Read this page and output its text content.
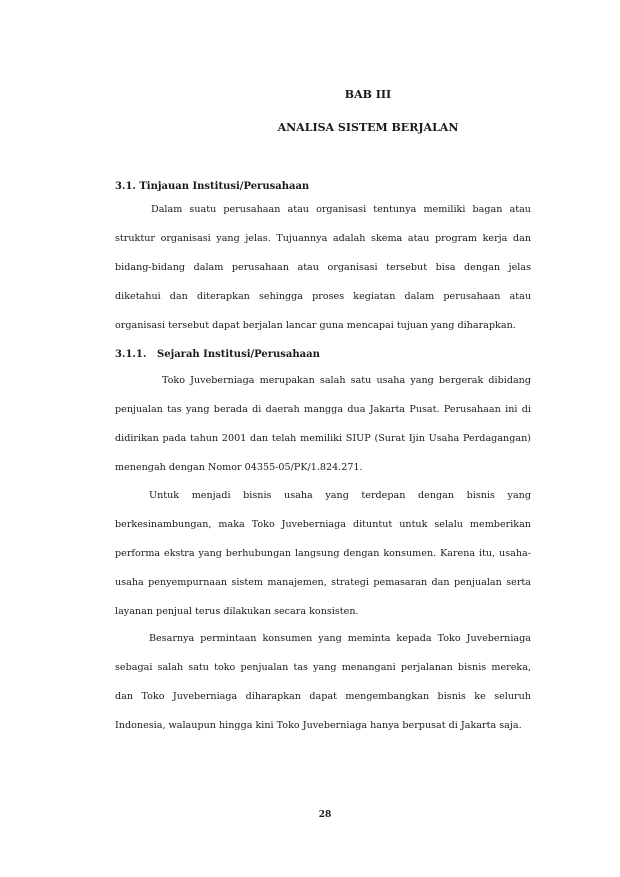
BAB III
ANALISA SISTEM BERJALAN
3.1. Tinjauan Institusi/Perusahaan

Dalam suatu perusahaan atau organisasi tentunya memiliki bagan atau struktur organisasi yang jelas. Tujuannya adalah skema atau program kerja dan bidang-bidang dalam perusahaan atau organisasi tersebut bisa dengan jelas diketahui dan diterapkan sehingga proses kegiatan dalam perusahaan atau organisasi tersebut dapat berjalan lancar guna mencapai tujuan yang diharapkan.

3.1.1. Sejarah Institusi/Perusahaan

Toko Juveberniaga merupakan salah satu usaha yang bergerak dibidang penjualan tas yang berada di daerah mangga dua Jakarta Pusat. Perusahaan ini di didirikan pada tahun 2001 dan telah memiliki SIUP (Surat Ijin Usaha Perdagangan) menengah dengan Nomor 04355-05/PK/1.824.271.

Untuk menjadi bisnis usaha yang terdepan dengan bisnis yang berkesinambungan, maka Toko Juveberniaga dituntut untuk selalu memberikan performa ekstra yang berhubungan langsung dengan konsumen. Karena itu, usaha-usaha penyempurnaan sistem manajemen, strategi pemasaran dan penjualan serta layanan penjual terus dilakukan secara konsisten.

Besarnya permintaan konsumen yang meminta kepada Toko Juveberniaga sebagai salah satu toko penjualan tas yang menangani perjalanan bisnis mereka, dan Toko Juveberniaga diharapkan dapat mengembangkan bisnis ke seluruh Indonesia, walaupun hingga kini Toko Juveberniaga hanya berpusat di Jakarta saja.

28
